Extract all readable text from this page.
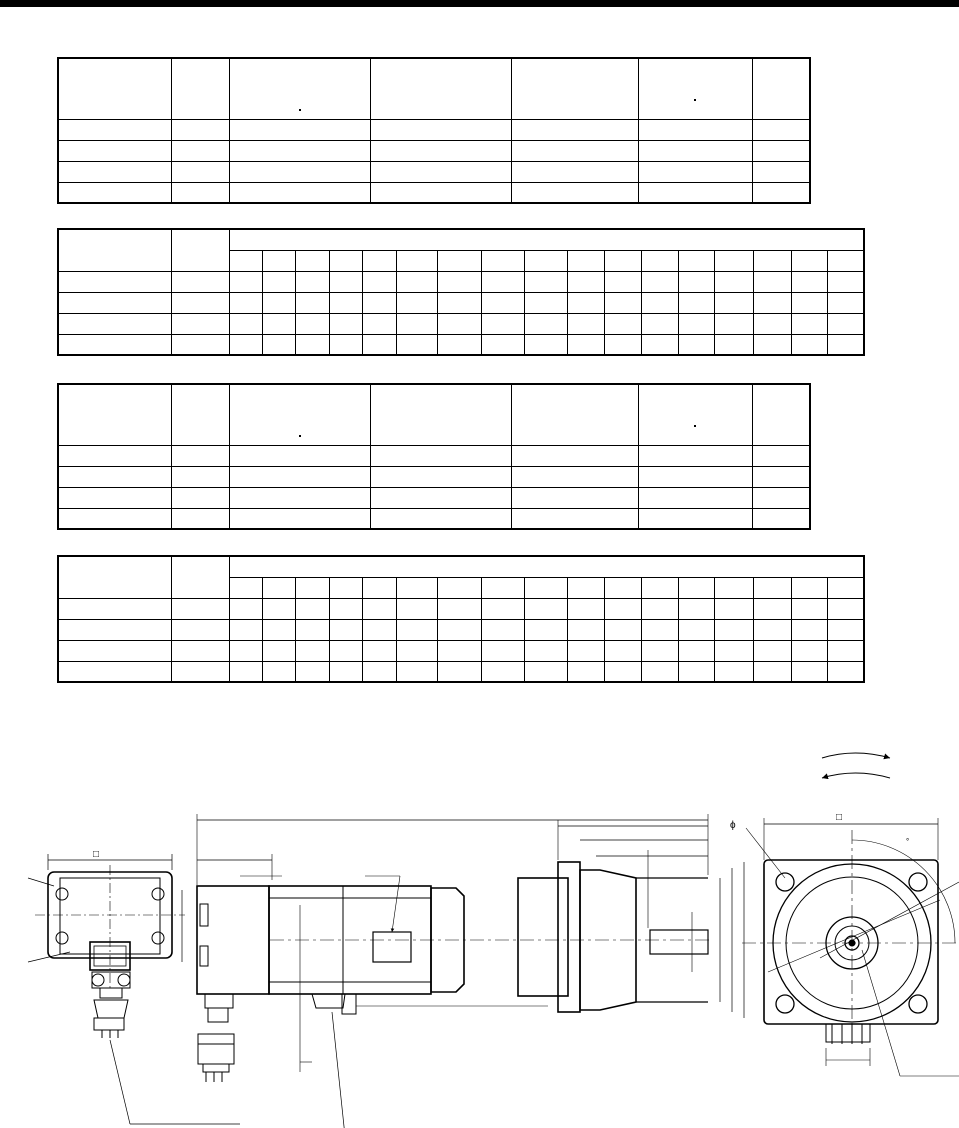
□
□
ϕ
°
